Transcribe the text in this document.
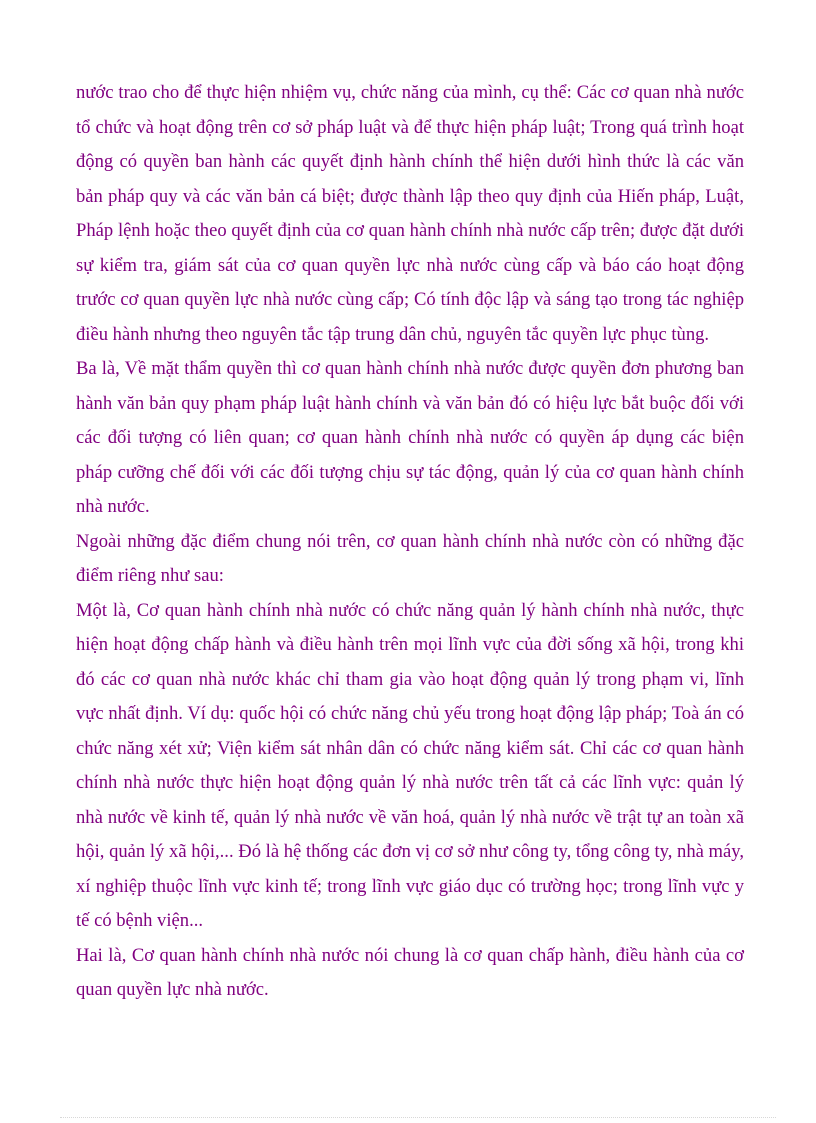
nước trao cho để thực hiện nhiệm vụ, chức năng của mình, cụ thể: Các cơ quan nhà nước tổ chức và hoạt động trên cơ sở pháp luật và để thực hiện pháp luật; Trong quá trình hoạt động có quyền ban hành các quyết định hành chính thể hiện dưới hình thức là các văn bản pháp quy và các văn bản cá biệt; được thành lập theo quy định của Hiến pháp, Luật, Pháp lệnh hoặc theo quyết định của cơ quan hành chính nhà nước cấp trên; được đặt dưới sự kiểm tra, giám sát của cơ quan quyền lực nhà nước cùng cấp và báo cáo hoạt động trước cơ quan quyền lực nhà nước cùng cấp; Có tính độc lập và sáng tạo trong tác nghiệp điều hành nhưng theo nguyên tắc tập trung dân chủ, nguyên tắc quyền lực phục tùng.

Ba là, Về mặt thẩm quyền thì cơ quan hành chính nhà nước được quyền đơn phương ban hành văn bản quy phạm pháp luật hành chính và văn bản đó có hiệu lực bắt buộc đối với các đối tượng có liên quan; cơ quan hành chính nhà nước có quyền áp dụng các biện pháp cưỡng chế đối với các đối tượng chịu sự tác động, quản lý của cơ quan hành chính nhà nước.

Ngoài những đặc điểm chung nói trên, cơ quan hành chính nhà nước còn có những đặc điểm riêng như sau:

Một là, Cơ quan hành chính nhà nước có chức năng quản lý hành chính nhà nước, thực hiện hoạt động chấp hành và điều hành trên mọi lĩnh vực của đời sống xã hội, trong khi đó các cơ quan nhà nước khác chỉ tham gia vào hoạt động quản lý trong phạm vi, lĩnh vực nhất định. Ví dụ: quốc hội có chức năng chủ yếu trong hoạt động lập pháp; Toà án có chức năng xét xử; Viện kiểm sát nhân dân có chức năng kiểm sát. Chỉ các cơ quan hành chính nhà nước thực hiện hoạt động quản lý nhà nước trên tất cả các lĩnh vực: quản lý nhà nước về kinh tế, quản lý nhà nước về văn hoá, quản lý nhà nước về trật tự an toàn xã hội, quản lý xã hội,... Đó là hệ thống các đơn vị cơ sở như công ty, tổng công ty, nhà máy, xí nghiệp thuộc lĩnh vực kinh tế; trong lĩnh vực giáo dục có trường học; trong lĩnh vực y tế có bệnh viện...

Hai là, Cơ quan hành chính nhà nước nói chung là cơ quan chấp hành, điều hành của cơ quan quyền lực nhà nước.
